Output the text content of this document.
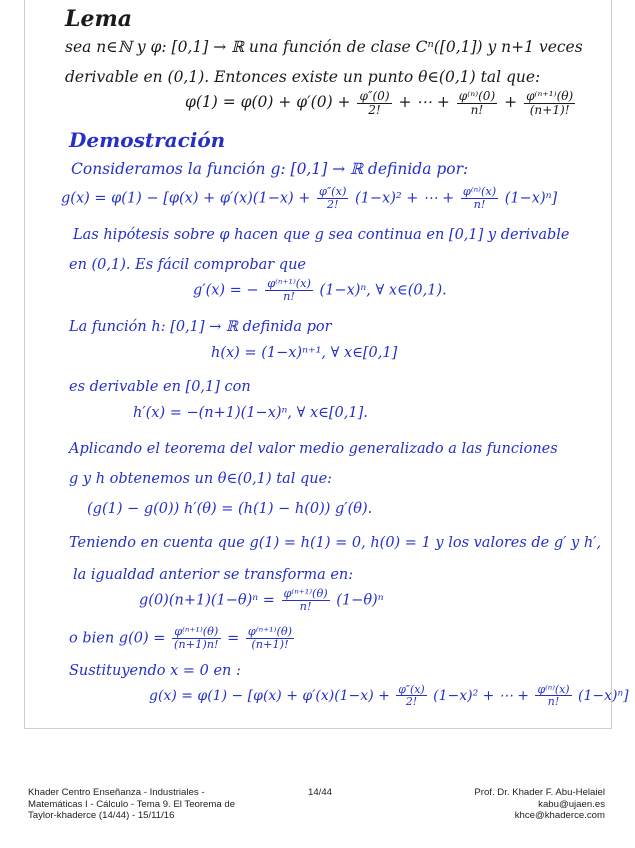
Lema
sea n∈ℕ y φ: [0,1] → ℝ una función de clase Cⁿ([0,1]) y n+1 veces
derivable en (0,1). Entonces existe un punto θ∈(0,1) tal que:
$\varphi(1) = \varphi(0) + \varphi'(0) + \frac{\varphi''(0)}{2!}$ + ⋯ + $\frac{\text{φ⁽ⁿ⁾(0)}}{n!} + \frac{\text{φ⁽ⁿ⁺¹⁾(θ)}}{(n+1)!}$
Demostración
Consideramos la función g: [0,1] → ℝ definida por:
$g(x) = \varphi(1) - [\varphi(x) + \varphi'(x)(1-x) + \frac{\varphi''(x)}{2!} (1-x)^2$ + ⋯ + $\frac{\text{φ⁽ⁿ⁾(x)}}{n!} (1-x)^n$]
Las hipótesis sobre φ hacen que g sea continua en [0,1] y derivable
en (0,1). Es fácil comprobar que
g′(x) = − $\frac{\text{φ⁽ⁿ⁺¹⁾(x)}}{n!} (1-x)^n$, ∀ x∈(0,1).
La función h: [0,1] → ℝ definida por
h(x) = (1−x)ⁿ⁺¹, ∀ x∈[0,1]
es derivable en [0,1] con
h′(x) = −(n+1)(1−x)ⁿ, ∀ x∈[0,1].
Aplicando el teorema del valor medio generalizado a las funciones
g y h obtenemos un θ∈(0,1) tal que:
(g(1) − g(0)) h′(θ) = (h(1) − h(0)) g′(θ).
Teniendo en cuenta que g(1) = h(1) = 0, h(0) = 1 y los valores de g′ y h′,
la igualdad anterior se transforma en:
$g(0)(n+1)(1-\theta)^n = \frac{\text{φ⁽ⁿ⁺¹⁾(θ)}}{n!} (1-\theta)^n$
o bien $g(0) = \frac{\text{φ⁽ⁿ⁺¹⁾(θ)}}{(n+1)n!} = \frac{\text{φ⁽ⁿ⁺¹⁾(θ)}}{(n+1)!}$
Sustituyendo x = 0 en :
$g(x) = \varphi(1) - [\varphi(x) + \varphi'(x)(1-x) + \frac{\varphi''(x)}{2!} (1-x)^2$ + ⋯ + $\frac{\text{φ⁽ⁿ⁾(x)}}{n!} (1-x)^n$]
Khader Centro Enseñanza - Industriales -
Matemáticas I - Cálculo - Tema 9. El Teorema de
Taylor-khaderce (14/44) - 15/11/16
14/44	Prof. Dr. Khader F. Abu-Helaiel
kabu@ujaen.es
khce@khaderce.com
